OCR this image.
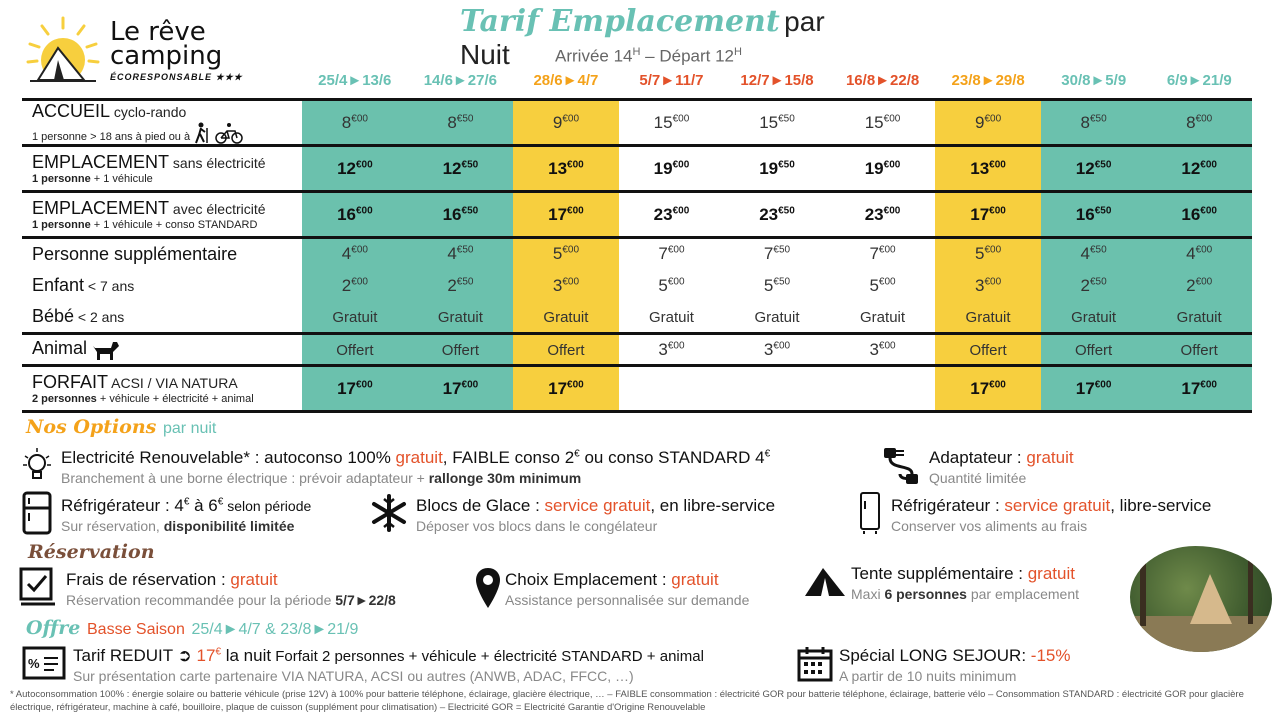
Le rêve
camping
ÉCORESPONSABLE ★★★
Tarif Emplacement par Nuit	Arrivée $14^H$ – Départ $12^H$
25/4►13/6	14/6►27/6	28/6►4/7	5/7►11/7	12/7►15/8	16/8►22/8	23/8►29/8	30/8►5/9	6/9►21/9
ACCUEIL cyclo-rando
1 personne > 18 ans à pied ou à	$8^{€00}$	$8^{€50}$	$9^{€00}$	$15^{€00}$	$15^{€50}$	$15^{€00}$	$9^{€00}$	$8^{€50}$	$8^{€00}$

EMPLACEMENT sans électricité
1 personne + 1 véhicule	$12^{€00}$	$12^{€50}$	$13^{€00}$	$19^{€00}$	$19^{€50}$	$19^{€00}$	$13^{€00}$	$12^{€50}$	$12^{€00}$

EMPLACEMENT avec électricité
1 personne + 1 véhicule + conso STANDARD	$16^{€00}$	$16^{€50}$	$17^{€00}$	$23^{€00}$	$23^{€50}$	$23^{€00}$	$17^{€00}$	$16^{€50}$	$16^{€00}$

Personne supplémentaire	$4^{€00}$	$4^{€50}$	$5^{€00}$	$7^{€00}$	$7^{€50}$	$7^{€00}$	$5^{€00}$	$4^{€50}$	$4^{€00}$

Enfant < 7 ans	$2^{€00}$	$2^{€50}$	$3^{€00}$	$5^{€00}$	$5^{€50}$	$5^{€00}$	$3^{€00}$	$2^{€50}$	$2^{€00}$

Bébé < 2 ans	Gratuit	Gratuit	Gratuit	Gratuit	Gratuit	Gratuit	Gratuit	Gratuit	Gratuit

Animal	Offert	Offert	Offert	$3^{€00}$	$3^{€00}$	$3^{€00}$	Offert	Offert	Offert

FORFAIT ACSI / VIA NATURA
2 personnes + véhicule + électricité + animal	$17^{€00}$	$17^{€00}$	$17^{€00}$				$17^{€00}$	$17^{€00}$	$17^{€00}$
Nos Options par nuit
Electricité Renouvelable* : autoconso 100% gratuit, FAIBLE conso 2€ ou conso STANDARD 4€
Branchement à une borne électrique : prévoir adaptateur + rallonge 30m minimum
Adaptateur : gratuit
Quantité limitée
Réfrigérateur : 4€ à 6€ selon période
Sur réservation, disponibilité limitée
Blocs de Glace : service gratuit, en libre-service
Déposer vos blocs dans le congélateur
Réfrigérateur : service gratuit, libre-service
Conserver vos aliments au frais
Réservation
Frais de réservation : gratuit
Réservation recommandée pour la période 5/7►22/8
Choix Emplacement : gratuit
Assistance personnalisée sur demande
Tente supplémentaire : gratuit
Maxi 6 personnes par emplacement
Offre Basse Saison 25/4►4/7 & 23/8►21/9
% Tarif REDUIT ➲ 17€ la nuit Forfait 2 personnes + véhicule + électricité STANDARD + animal
Sur présentation carte partenaire VIA NATURA, ACSI ou autres (ANWB, ADAC, FFCC, …)
Spécial LONG SEJOUR: -15%
A partir de 10 nuits minimum
* Autoconsommation 100% : énergie solaire ou batterie véhicule (prise 12V) à 100% pour batterie téléphone, éclairage, glacière électrique, … – FAIBLE consommation : électricité GOR pour batterie téléphone, éclairage, batterie vélo – Consommation STANDARD : électricité GOR pour glacière électrique, réfrigérateur, machine à café, bouilloire, plaque de cuisson (supplément pour climatisation) – Electricité GOR = Electricité Garantie d'Origine Renouvelable
